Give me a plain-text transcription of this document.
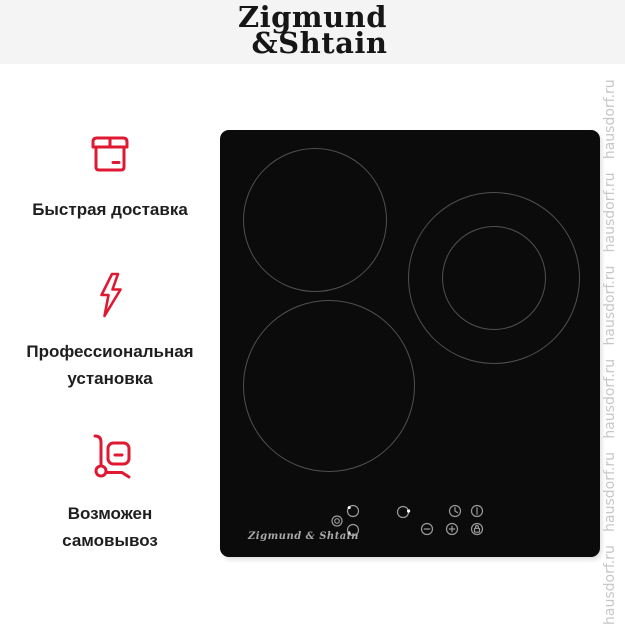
Zigmund
&Shtain
Быстрая доставка
Профессиональная установка
Возможен самовывоз	Zigmund & Shtain	hausdorf.ru   hausdorf.ru   hausdorf.ru   hausdorf.ru   hausdorf.ru   hausdorf.ru
